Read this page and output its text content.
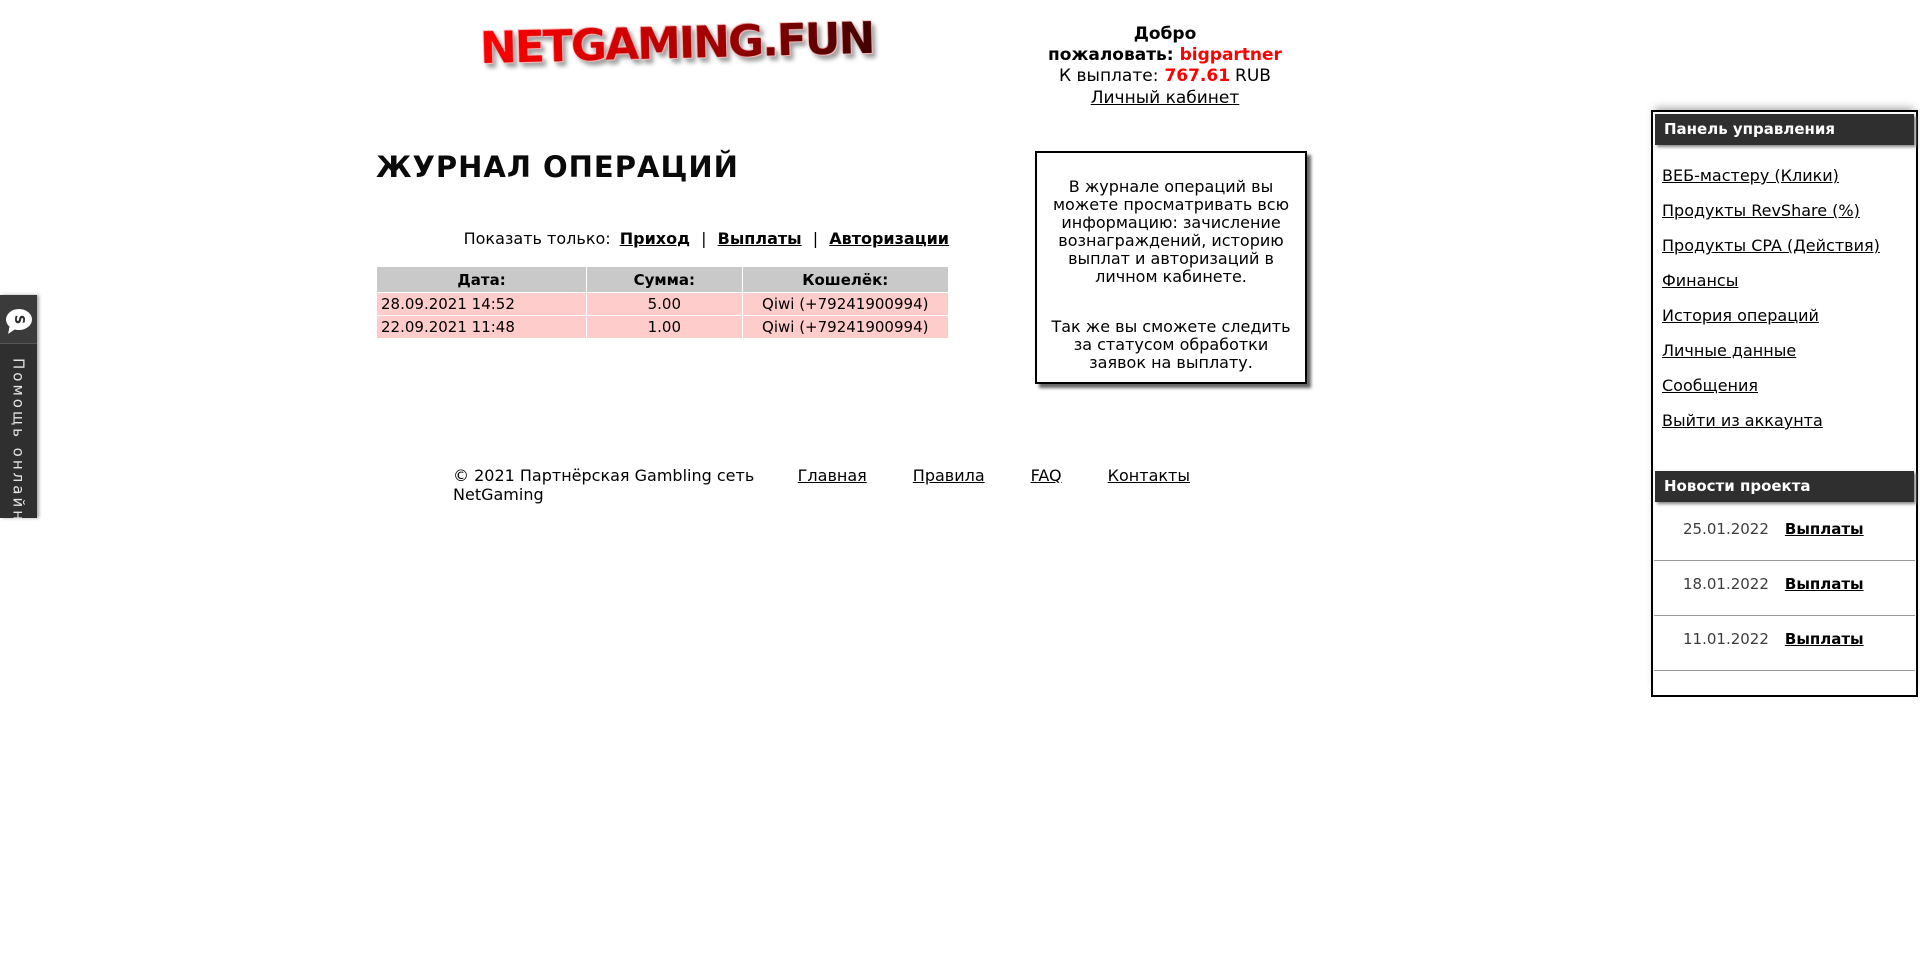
NETGAMING.FUN	Добро пожаловать: bigpartner
К выплате: 767.61 RUB
Личный кабинет
S
Помощь онлайн
ЖУРНАЛ ОПЕРАЦИЙ
Показать только: Приход | Выплаты | Авторизации
Дата:	Сумма:	Кошелёк:
28.09.2021 14:52	5.00	Qiwi (+79241900994)
22.09.2021 11:48	1.00	Qiwi (+79241900994)

В журнале операций вы можете просматривать всю информацию: зачисление вознаграждений, историю выплат и авторизаций в личном кабинете.

Так же вы сможете следить за статусом обработки заявок на выплату.

© 2021 Партнёрская Gambling сеть NetGaming
Главная	Правила	FAQ	Контакты
Панель управления
ВЕБ-мастеру (Клики)
Продукты RevShare (%)
Продукты CPA (Действия)
Финансы
История операций
Личные данные
Сообщения
Выйти из аккаунта
Новости проекта
25.01.2022 Выплаты
18.01.2022 Выплаты
11.01.2022 Выплаты
